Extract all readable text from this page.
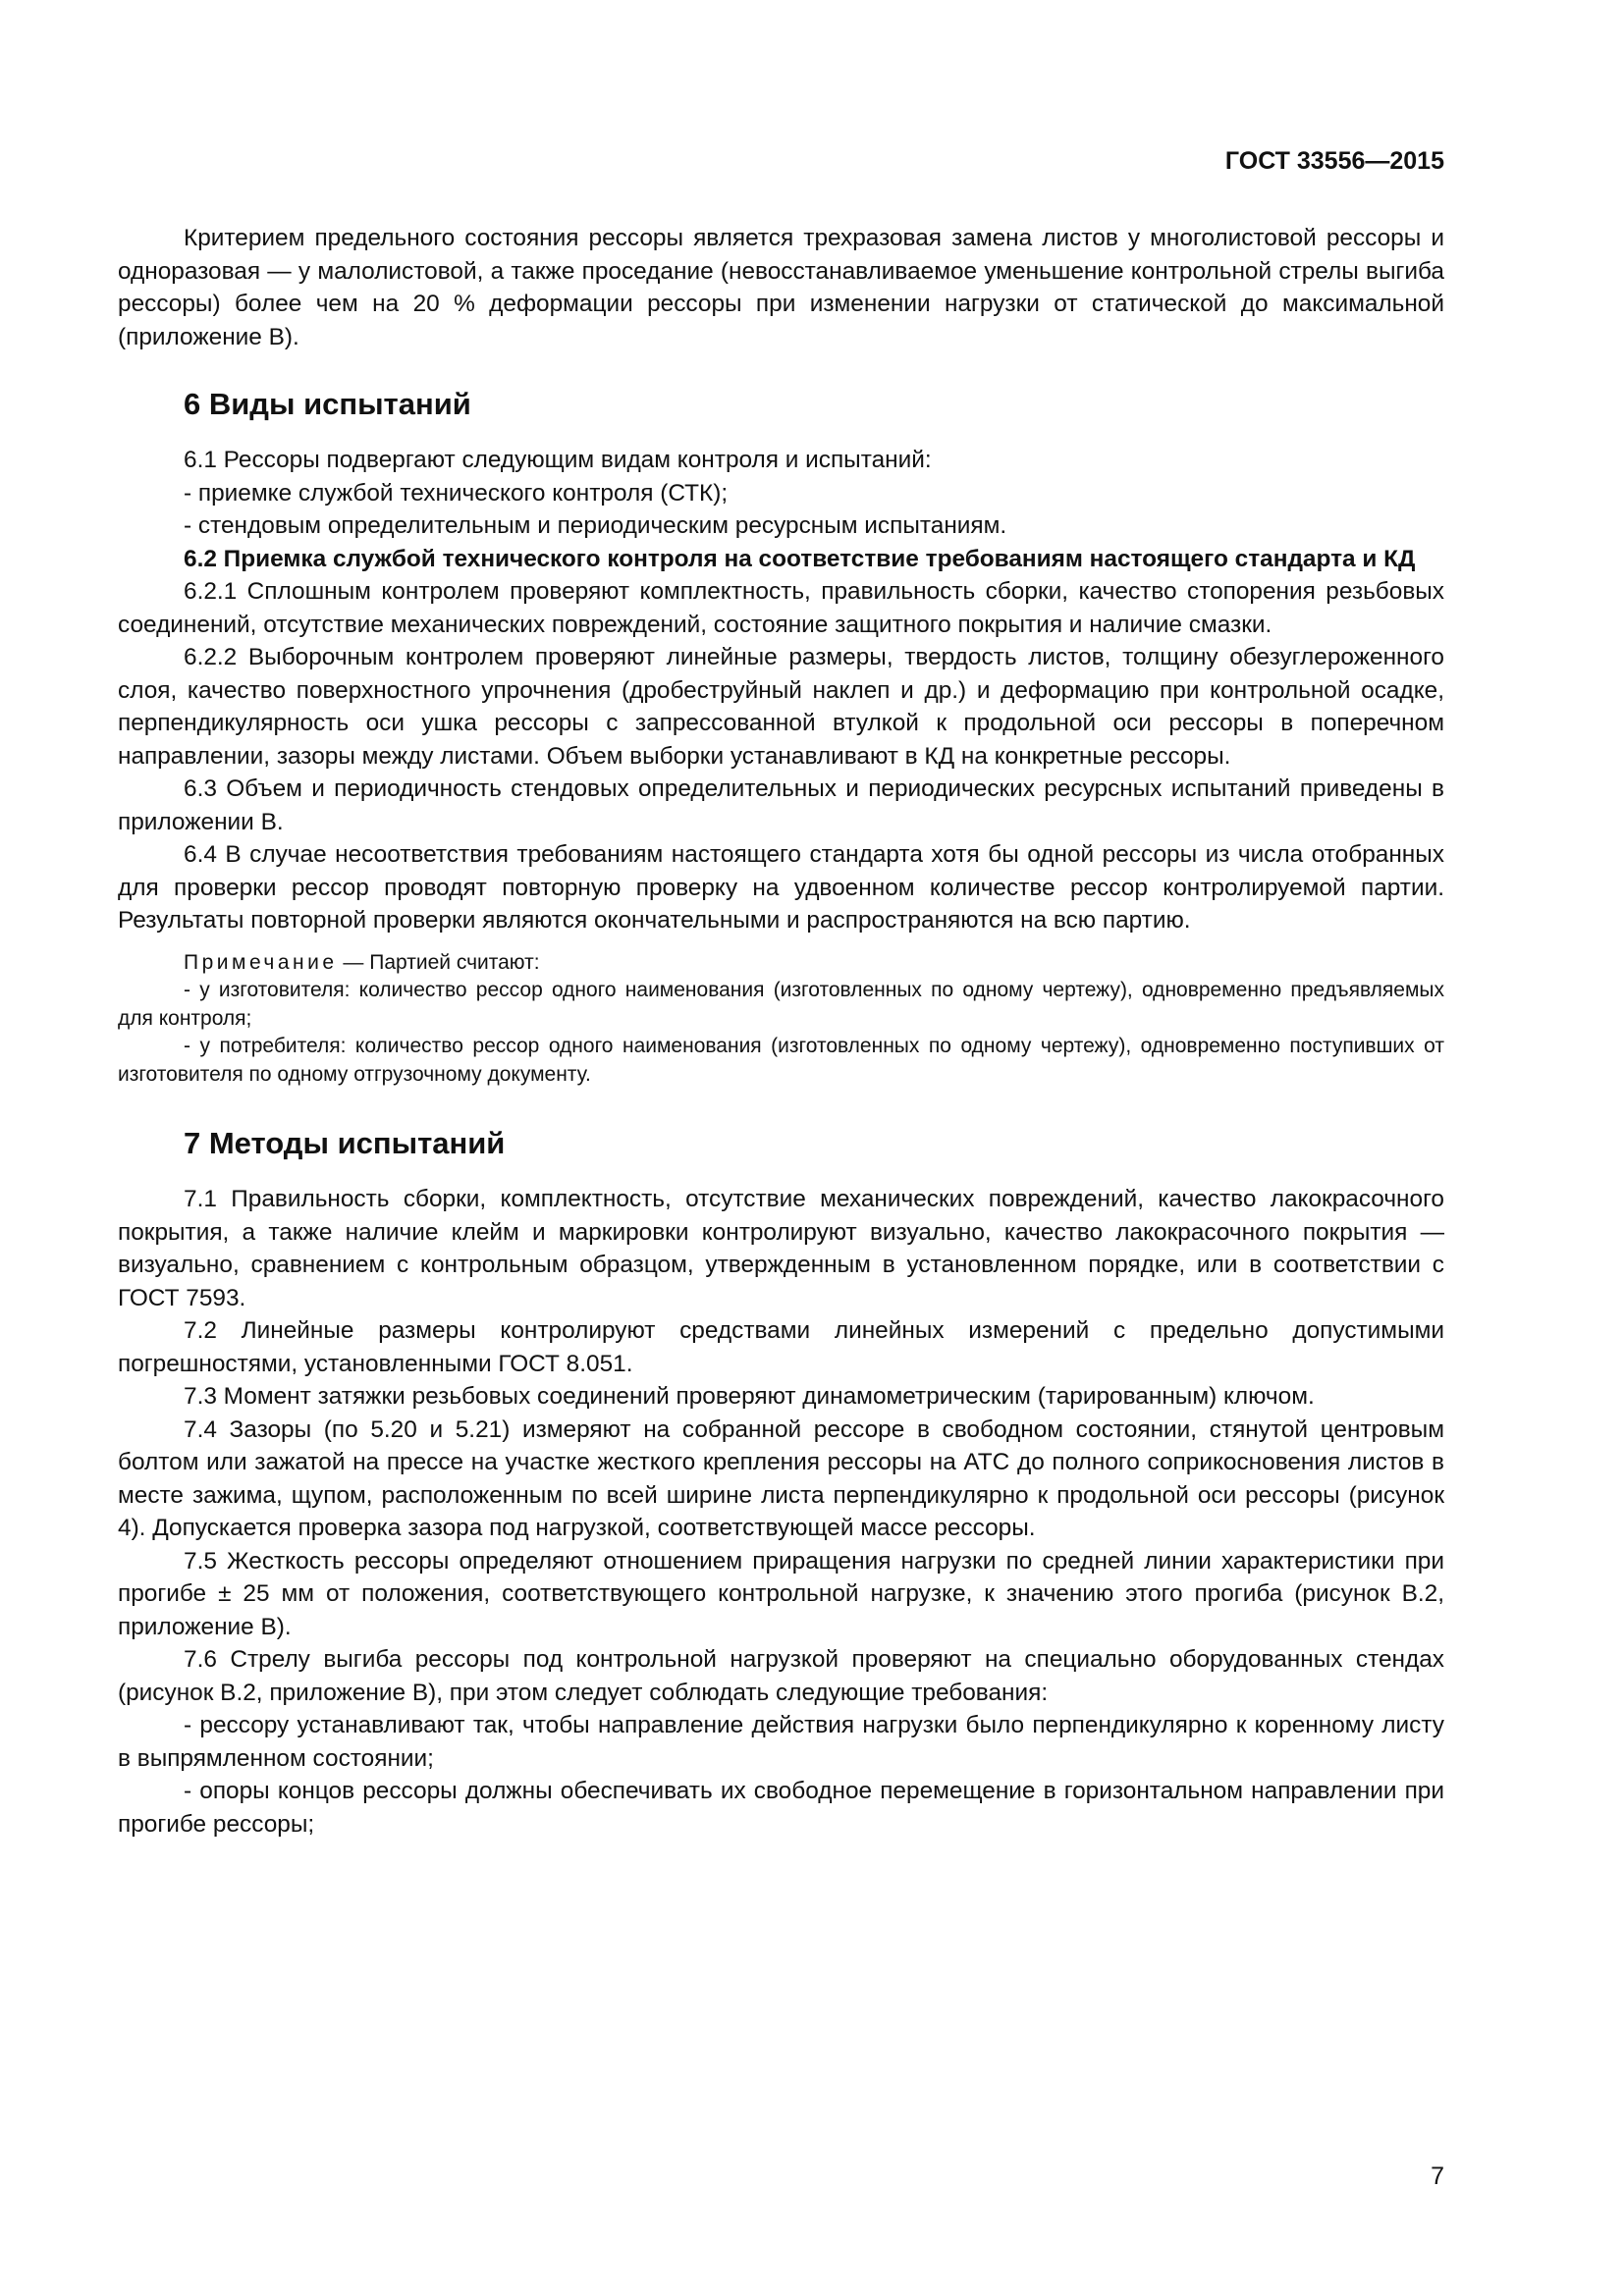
ГОСТ 33556—2015

Критерием предельного состояния рессоры является трехразовая замена листов у многолистовой рессоры и одноразовая — у малолистовой, а также проседание (невосстанавливаемое уменьшение контрольной стрелы выгиба рессоры) более чем на 20 % деформации рессоры при изменении нагрузки от статической до максимальной (приложение В).

6 Виды испытаний

6.1 Рессоры подвергают следующим видам контроля и испытаний:

- приемке службой технического контроля (СТК);

- стендовым определительным и периодическим ресурсным испытаниям.

6.2 Приемка службой технического контроля на соответствие требованиям настоящего стандарта и КД

6.2.1 Сплошным контролем проверяют комплектность, правильность сборки, качество стопорения резьбовых соединений, отсутствие механических повреждений, состояние защитного покрытия и наличие смазки.

6.2.2 Выборочным контролем проверяют линейные размеры, твердость листов, толщину обезуглероженного слоя, качество поверхностного упрочнения (дробеструйный наклеп и др.) и деформацию при контрольной осадке, перпендикулярность оси ушка рессоры с запрессованной втулкой к продольной оси рессоры в поперечном направлении, зазоры между листами. Объем выборки устанавливают в КД на конкретные рессоры.

6.3 Объем и периодичность стендовых определительных и периодических ресурсных испытаний приведены в приложении В.

6.4 В случае несоответствия требованиям настоящего стандарта хотя бы одной рессоры из числа отобранных для проверки рессор проводят повторную проверку на удвоенном количестве рессор контролируемой партии. Результаты повторной проверки являются окончательными и распространяются на всю партию.

Примечание — Партией считают:

- у изготовителя: количество рессор одного наименования (изготовленных по одному чертежу), одновременно предъявляемых для контроля;

- у потребителя: количество рессор одного наименования (изготовленных по одному чертежу), одновременно поступивших от изготовителя по одному отгрузочному документу.

7 Методы испытаний

7.1 Правильность сборки, комплектность, отсутствие механических повреждений, качество лакокрасочного покрытия, а также наличие клейм и маркировки контролируют визуально, качество лакокрасочного покрытия — визуально, сравнением с контрольным образцом, утвержденным в установленном порядке, или в соответствии с ГОСТ 7593.

7.2 Линейные размеры контролируют средствами линейных измерений с предельно допустимыми погрешностями, установленными ГОСТ 8.051.

7.3 Момент затяжки резьбовых соединений проверяют динамометрическим (тарированным) ключом.

7.4 Зазоры (по 5.20 и 5.21) измеряют на собранной рессоре в свободном состоянии, стянутой центровым болтом или зажатой на прессе на участке жесткого крепления рессоры на АТС до полного соприкосновения листов в месте зажима, щупом, расположенным по всей ширине листа перпендикулярно к продольной оси рессоры (рисунок 4). Допускается проверка зазора под нагрузкой, соответствующей массе рессоры.

7.5 Жесткость рессоры определяют отношением приращения нагрузки по средней линии характеристики при прогибе ± 25 мм от положения, соответствующего контрольной нагрузке, к значению этого прогиба (рисунок В.2, приложение В).

7.6 Стрелу выгиба рессоры под контрольной нагрузкой проверяют на специально оборудованных стендах (рисунок В.2, приложение В), при этом следует соблюдать следующие требования:

- рессору устанавливают так, чтобы направление действия нагрузки было перпендикулярно к коренному листу в выпрямленном состоянии;

- опоры концов рессоры должны обеспечивать их свободное перемещение в горизонтальном направлении при прогибе рессоры;

7
